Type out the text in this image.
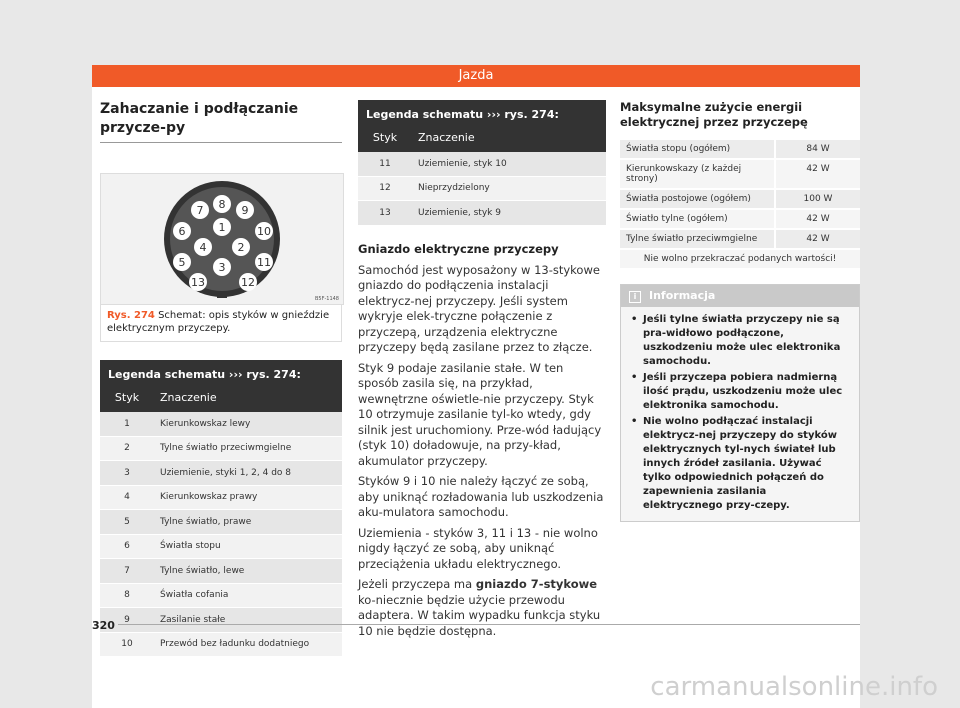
Jazda
Zahaczanie i podłączanie przycze-py
1
2
3
4
5
6
7 8 9
10
11
12
13
B5F-1148
Rys. 274 Schemat: opis styków w gnieździe elektrycznym przyczepy.
Legenda schematu ››› rys. 274:
Styk	Znaczenie
1	Kierunkowskaz lewy
2	Tylne światło przeciwmgielne
3	Uziemienie, styki 1, 2, 4 do 8
4	Kierunkowskaz prawy
5	Tylne światło, prawe
6	Światła stopu
7	Tylne światło, lewe
8	Światła cofania
9	Zasilanie stałe
10	Przewód bez ładunku dodatniego
Legenda schematu ››› rys. 274:
Styk	Znaczenie
11	Uziemienie, styk 10
12	Nieprzydzielony
13	Uziemienie, styk 9
Gniazdo elektryczne przyczepy

Samochód jest wyposażony w 13-stykowe gniazdo do podłączenia instalacji elektrycz-nej przyczepy. Jeśli system wykryje elek-tryczne połączenie z przyczepą, urządzenia elektryczne przyczepy będą zasilane przez to złącze.

Styk 9 podaje zasilanie stałe. W ten sposób zasila się, na przykład, wewnętrzne oświetle-nie przyczepy. Styk 10 otrzymuje zasilanie tyl-ko wtedy, gdy silnik jest uruchomiony. Prze-wód ładujący (styk 10) doładowuje, na przy-kład, akumulator przyczepy.

Styków 9 i 10 nie należy łączyć ze sobą, aby uniknąć rozładowania lub uszkodzenia aku-mulatora samochodu.

Uziemienia - styków 3, 11 i 13 - nie wolno nigdy łączyć ze sobą, aby uniknąć przeciążenia układu elektrycznego.

Jeżeli przyczepa ma gniazdo 7-stykowe ko-niecznie będzie użycie przewodu adaptera. W takim wypadku funkcja styku 10 nie będzie dostępna.

Maksymalne zużycie energii elektrycznej przez przyczepę
Światła stopu (ogółem)	84 W
Kierunkowskazy (z każdej strony)	42 W
Światła postojowe (ogółem)	100 W
Światło tylne (ogółem)	42 W
Tylne światło przeciwmgielne	42 W
Nie wolno przekraczać podanych wartości!	
i Informacja
• Jeśli tylne światła przyczepy nie są pra-widłowo podłączone, uszkodzeniu może ulec elektronika samochodu.
• Jeśli przyczepa pobiera nadmierną ilość prądu, uszkodzeniu może ulec elektronika samochodu.
• Nie wolno podłączać instalacji elektrycz-nej przyczepy do styków elektrycznych tyl-nych świateł lub innych źródeł zasilania. Używać tylko odpowiednich połączeń do zapewnienia zasilania elektrycznego przy-czepy.
320
carmanualsonline.info
